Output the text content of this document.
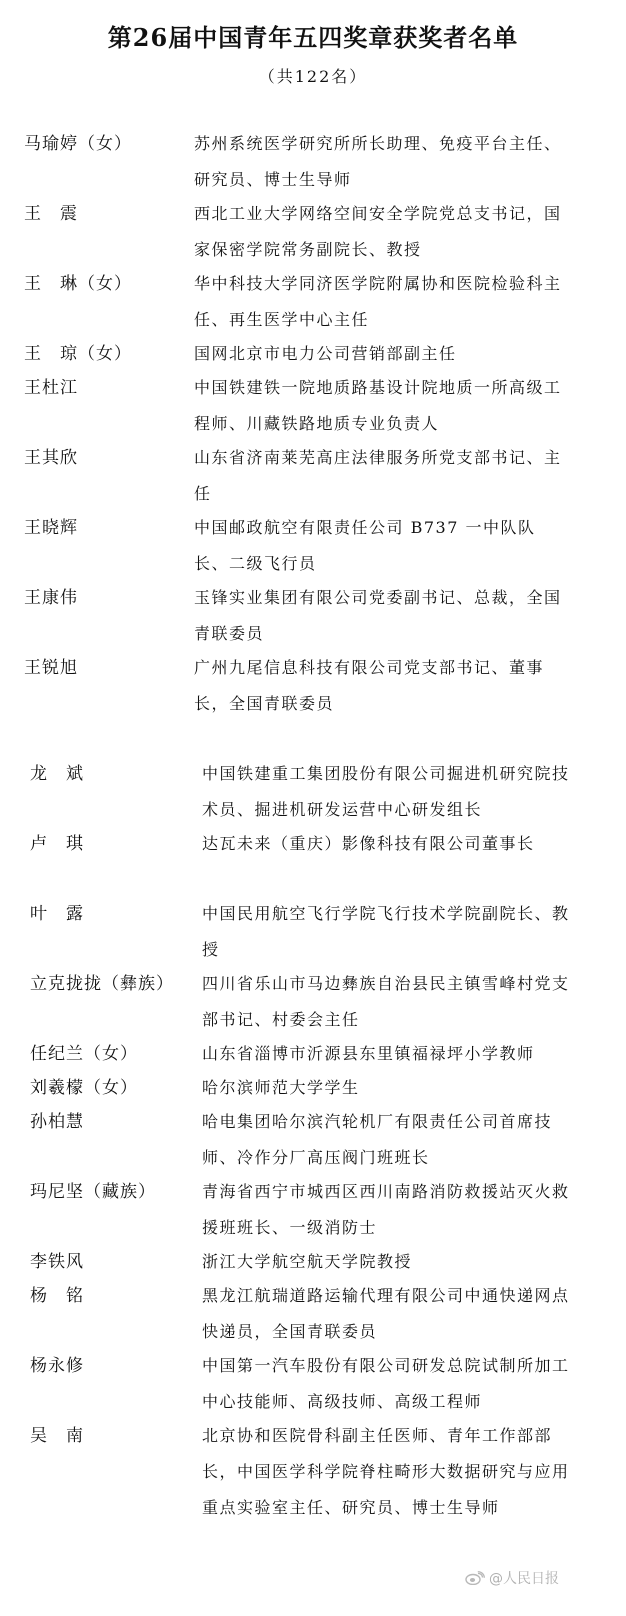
第26届中国青年五四奖章获奖者名单
（共122名）
马瑜婷（女）	苏州系统医学研究所所长助理、免疫平台主任、研究员、博士生导师
王　震	西北工业大学网络空间安全学院党总支书记，国家保密学院常务副院长、教授
王　琳（女）	华中科技大学同济医学院附属协和医院检验科主任、再生医学中心主任
王　琼（女）	国网北京市电力公司营销部副主任
王杜江	中国铁建铁一院地质路基设计院地质一所高级工程师、川藏铁路地质专业负责人
王其欣	山东省济南莱芜高庄法律服务所党支部书记、主任
王晓辉	中国邮政航空有限责任公司 B737 一中队队长、二级飞行员
王康伟	玉锋实业集团有限公司党委副书记、总裁，全国青联委员
王锐旭	广州九尾信息科技有限公司党支部书记、董事长，全国青联委员
龙　斌	中国铁建重工集团股份有限公司掘进机研究院技术员、掘进机研发运营中心研发组长
卢　琪	达瓦未来（重庆）影像科技有限公司董事长
叶　露	中国民用航空飞行学院飞行技术学院副院长、教授
立克拢拢（彝族） 四川省乐山市马边彝族自治县民主镇雪峰村党支部书记、村委会主任
任纪兰（女）	山东省淄博市沂源县东里镇福禄坪小学教师
刘羲檬（女）	哈尔滨师范大学学生
孙柏慧	哈电集团哈尔滨汽轮机厂有限责任公司首席技师、冷作分厂高压阀门班班长
玛尼坚（藏族）	青海省西宁市城西区西川南路消防救援站灭火救援班班长、一级消防士
李铁风	浙江大学航空航天学院教授
杨　铭	黑龙江航瑞道路运输代理有限公司中通快递网点快递员，全国青联委员
杨永修	中国第一汽车股份有限公司研发总院试制所加工中心技能师、高级技师、高级工程师
吴　南	北京协和医院骨科副主任医师、青年工作部部长，中国医学科学院脊柱畸形大数据研究与应用重点实验室主任、研究员、博士生导师
@人民日报
